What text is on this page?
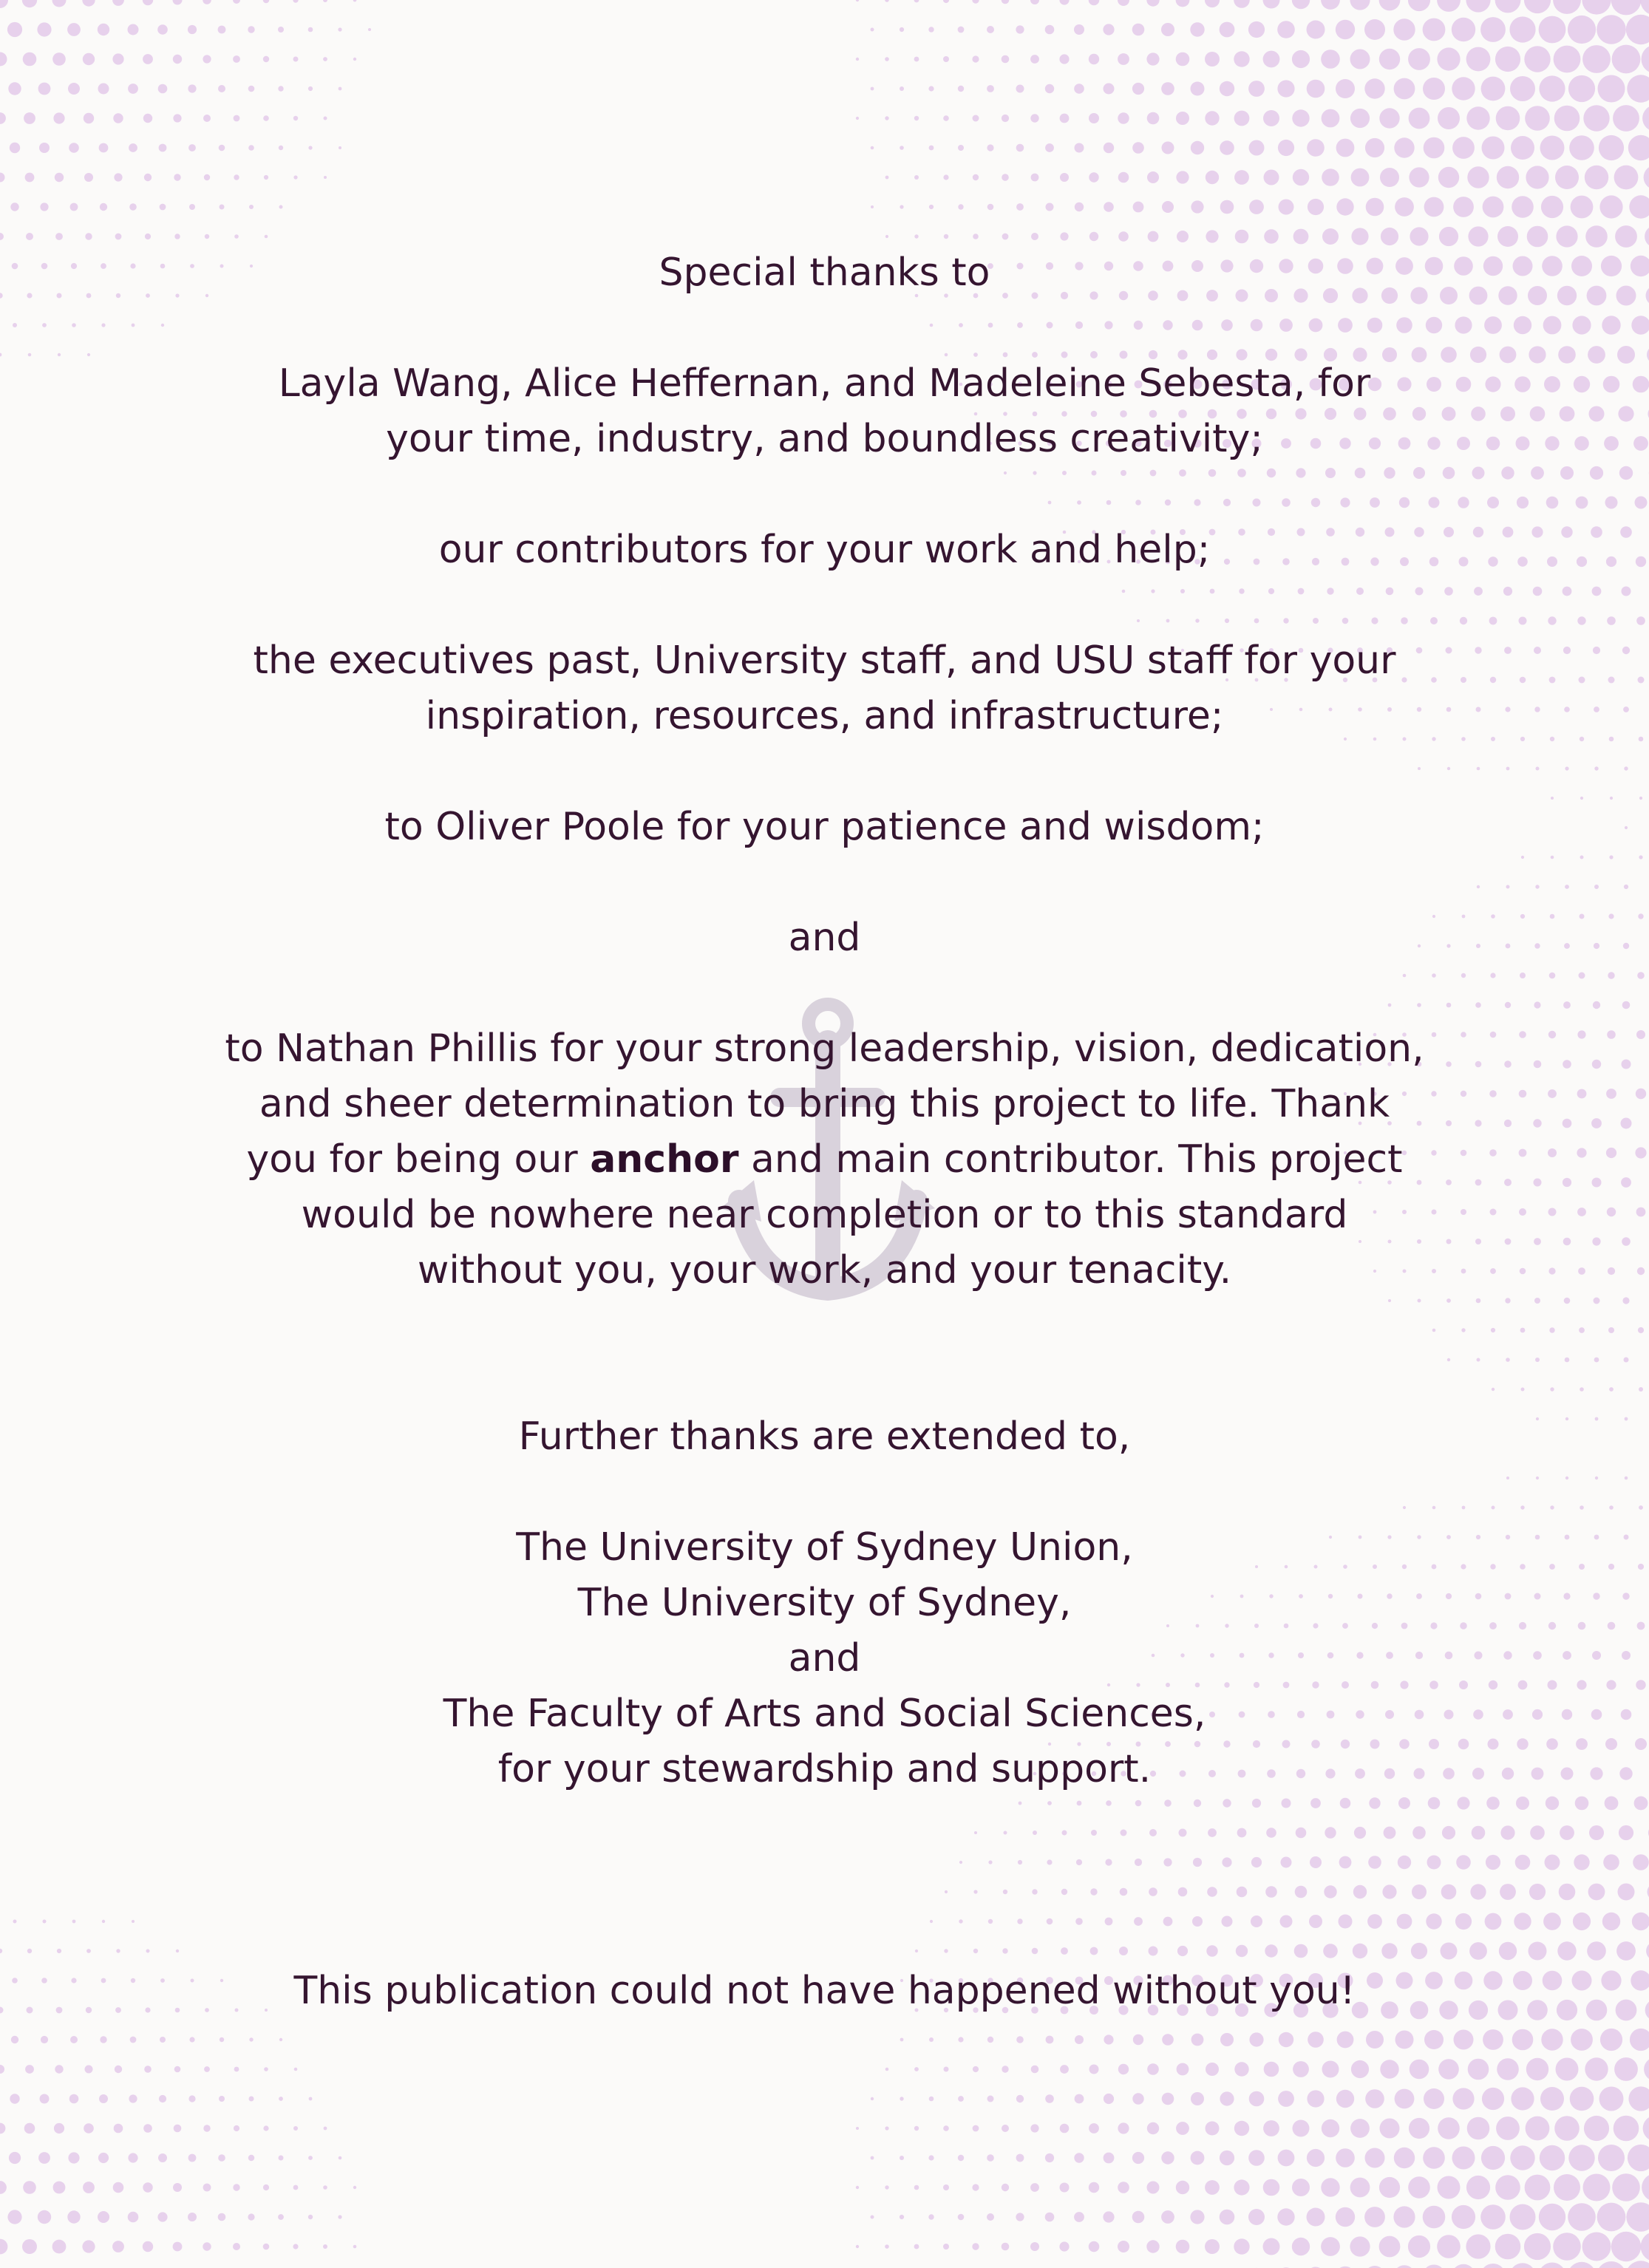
Special thanks to
Layla Wang, Alice Heffernan, and Madeleine Sebesta, for
your time, industry, and boundless creativity;
our contributors for your work and help;
the executives past, University staff, and USU staff for your
inspiration, resources, and infrastructure;
to Oliver Poole for your patience and wisdom;
and
to Nathan Phillis for your strong leadership, vision, dedication,
and sheer determination to bring this project to life. Thank
you for being our anchor and main contributor. This project
would be nowhere near completion or to this standard
without you, your work, and your tenacity.
Further thanks are extended to,
The University of Sydney Union,
The University of Sydney,
and
The Faculty of Arts and Social Sciences,
for your stewardship and support.
This publication could not have happened without you!
